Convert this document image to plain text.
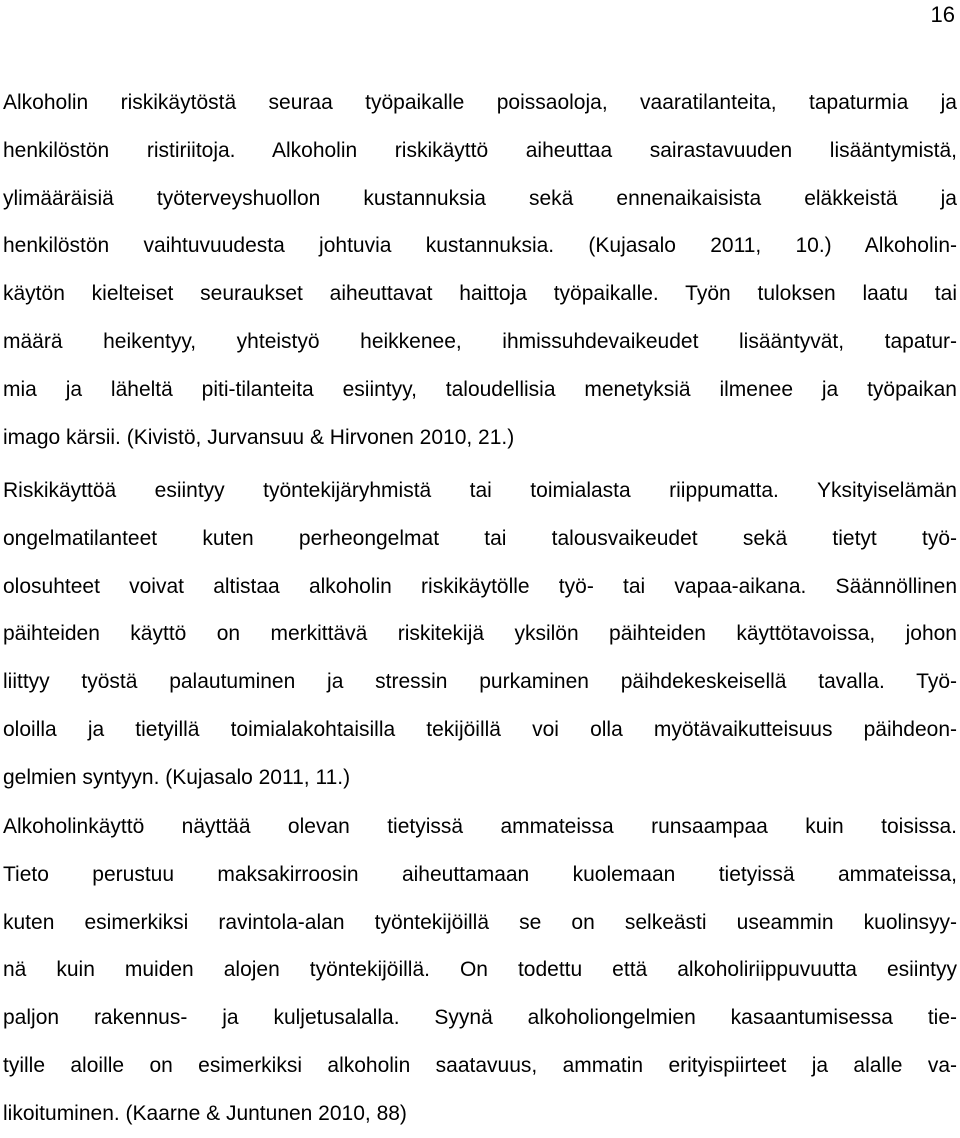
16
Alkoholin riskikäytöstä seuraa työpaikalle poissaoloja, vaaratilanteita, tapaturmia ja
henkilöstön ristiriitoja. Alkoholin riskikäyttö aiheuttaa sairastavuuden lisääntymistä,
ylimääräisiä työterveyshuollon kustannuksia sekä ennenaikaisista eläkkeistä ja
henkilöstön vaihtuvuudesta johtuvia kustannuksia. (Kujasalo 2011, 10.) Alkoholin-
käytön kielteiset seuraukset aiheuttavat haittoja työpaikalle. Työn tuloksen laatu tai
määrä heikentyy, yhteistyö heikkenee, ihmissuhdevaikeudet lisääntyvät, tapatur-
mia ja läheltä piti-tilanteita esiintyy, taloudellisia menetyksiä ilmenee ja työpaikan
imago kärsii. (Kivistö, Jurvansuu & Hirvonen 2010, 21.)
Riskikäyttöä esiintyy työntekijäryhmistä tai toimialasta riippumatta. Yksityiselämän
ongelmatilanteet kuten perheongelmat tai talousvaikeudet sekä tietyt työ-
olosuhteet voivat altistaa alkoholin riskikäytölle työ- tai vapaa-aikana. Säännöllinen
päihteiden käyttö on merkittävä riskitekijä yksilön päihteiden käyttötavoissa, johon
liittyy työstä palautuminen ja stressin purkaminen päihdekeskeisellä tavalla. Työ-
oloilla ja tietyillä toimialakohtaisilla tekijöillä voi olla myötävaikutteisuus päihdeon-
gelmien syntyyn. (Kujasalo 2011, 11.)
Alkoholinkäyttö näyttää olevan tietyissä ammateissa runsaampaa kuin toisissa.
Tieto perustuu maksakirroosin aiheuttamaan kuolemaan tietyissä ammateissa,
kuten esimerkiksi ravintola-alan työntekijöillä se on selkeästi useammin kuolinsyy-
nä kuin muiden alojen työntekijöillä. On todettu että alkoholiriippuvuutta esiintyy
paljon rakennus- ja kuljetusalalla. Syynä alkoholiongelmien kasaantumisessa tie-
tyille aloille on esimerkiksi alkoholin saatavuus, ammatin erityispiirteet ja alalle va-
likoituminen. (Kaarne & Juntunen 2010, 88)
